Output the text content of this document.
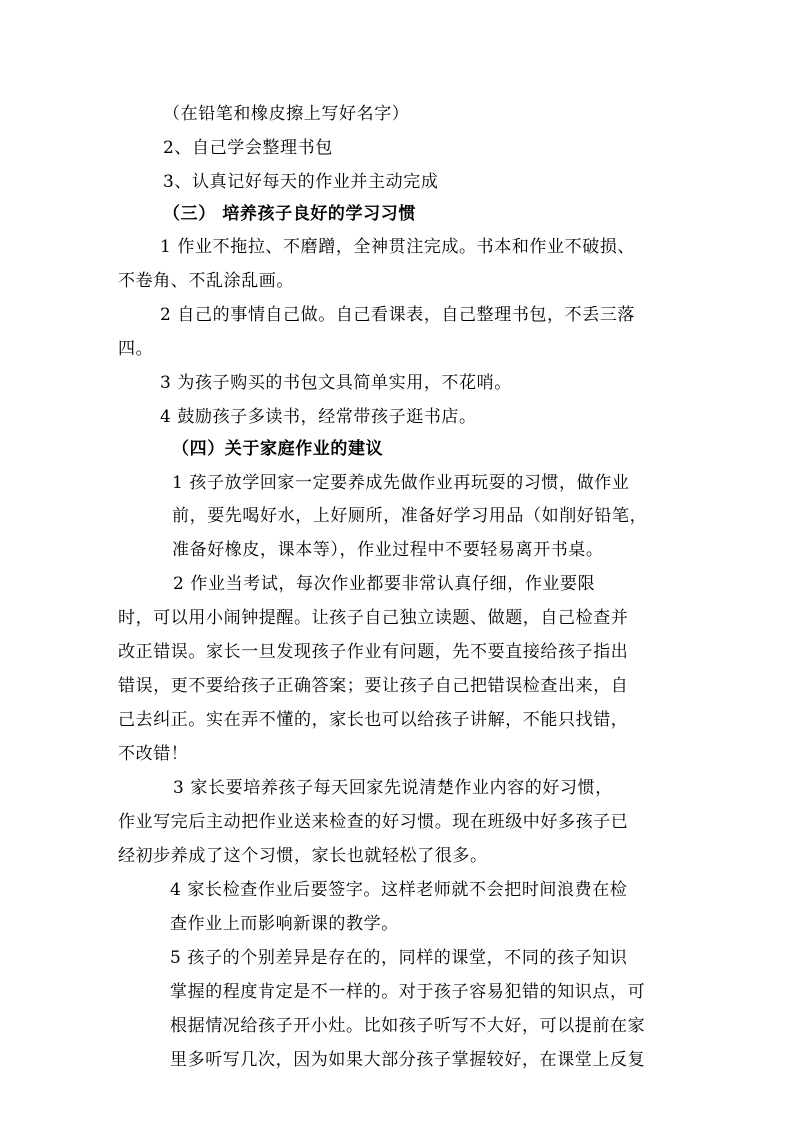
（在铅笔和橡皮擦上写好名字）
2、自己学会整理书包
3、认真记好每天的作业并主动完成
（三） 培养孩子良好的学习习惯
1 作业不拖拉、不磨蹭，全神贯注完成。书本和作业不破损、
不卷角、不乱涂乱画。
2 自己的事情自己做。自己看课表，自己整理书包，不丢三落
四。
3 为孩子购买的书包文具简单实用，不花哨。
4 鼓励孩子多读书，经常带孩子逛书店。
（四）关于家庭作业的建议
1 孩子放学回家一定要养成先做作业再玩耍的习惯，做作业
前，要先喝好水，上好厕所，准备好学习用品（如削好铅笔，
准备好橡皮，课本等），作业过程中不要轻易离开书桌。
2 作业当考试，每次作业都要非常认真仔细，作业要限
时，可以用小闹钟提醒。让孩子自己独立读题、做题，自己检查并
改正错误。家长一旦发现孩子作业有问题，先不要直接给孩子指出
错误，更不要给孩子正确答案；要让孩子自己把错误检查出来，自
己去纠正。实在弄不懂的，家长也可以给孩子讲解，不能只找错，
不改错！
3 家长要培养孩子每天回家先说清楚作业内容的好习惯，
作业写完后主动把作业送来检查的好习惯。现在班级中好多孩子已
经初步养成了这个习惯，家长也就轻松了很多。
4 家长检查作业后要签字。这样老师就不会把时间浪费在检
查作业上而影响新课的教学。
5 孩子的个别差异是存在的，同样的课堂，不同的孩子知识
掌握的程度肯定是不一样的。对于孩子容易犯错的知识点，可
根据情况给孩子开小灶。比如孩子听写不大好，可以提前在家
里多听写几次，因为如果大部分孩子掌握较好，在课堂上反复
